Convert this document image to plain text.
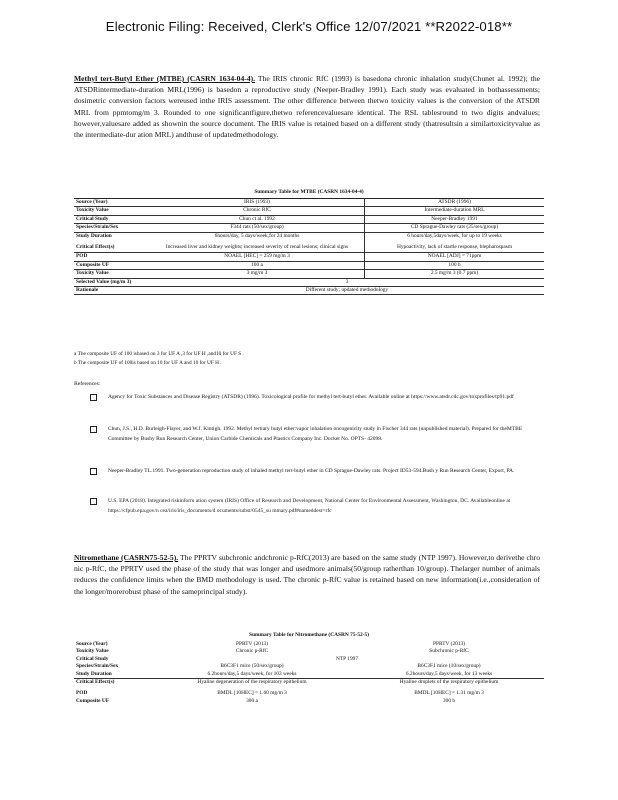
Electronic Filing: Received, Clerk's Office 12/07/2021 **R2022-018**
Methyl tert-Butyl Ether (MTBE) (CASRN 1634-04-4). The IRIS chronic RfC (1993) is basedona chronic inhalation study(Chunet al. 1992); the ATSDRintermediate-duration MRL(1996) is basedon a reproductive study (Neeper-Bradley 1991). Each study was evaluated in bothassessments; dosimetric conversion factors wereused inthe IRIS assessment. The other difference between thetwo toxicity values is the conversion of the ATSDR MRL from ppmtomg/m 3. Rounded to one significantfigure,thetwo referencevaluesare identical. The RSL tablesround to two digits andvalues; however,valuesare added as shownin the source document. The IRIS value is retained based on a different study (thatresultsin a similartoxicityvalue as the intermediate-dur ation MRL) andthuse of updatedmethodology.
Summary Table for MTBE (CASRN 1634-04-4)
Source (Year)	IRIS (1993)	ATSDR (1996)
Toxicity Value	Chronic RfC	Intermediate-duration MRL
Critical Study	Chun ct al. 1992	Neeper-Bradley 1991
Species/Strain/Sex	F344 rats (50/sex/group)	CD Sprague-Dawley rats (25/sex/group)
Study Duration	6hours/day, 5 days/week,for 24 months	6 hours/day,5days/week, for up to 19 weeks
Critical Effect(s)	Increased liver and kidney weights; increased severity of renal lesions; clinical signs	Hypoactivity, lack of startle response, blepharospasm
POD	NOAEL [HEC] = 259 mg/m 3	NOAEL [ADJ] = 71ppm
Composite UF	100 a	100 b
Toxicity Value	3 mg/m 3	2.5 mg/m 3 (0.7 ppm)
Selected Value (mg/m 3)	3	
Rationale	Different study; updated methodology	
a The composite UF of 100 isbased on 3 for UF A ,3 for UF H ,and10 for UF S .
b The composite UF of 100is based on 10 for UF A and 10 for UF H .
References:
Agency for Toxic Substances and Disease Registry (ATSDR) (1996). Toxicological profile for methyl tert-butyl ether. Available online at https://www.atsdr.cdc.gov/toxprofiles/tp91.pdf
Chun, J.S., H.D. Burleigh-Flayer, and W.J. Kintigh. 1992. Methyl tertiary butyl ether:vapor inhalation oncogenicity study in Fischer 344 rats (unpublished material). Prepared for theMTBE Committee by Bushy Run Research Center, Union Carbide Chemicals and Plastics Company Inc. Docket No. OPTS- 42098.
Neeper-Bradley TL.1991. Two-generation reproduction study of inhaled methyl tert-butyl ether in CD Sprague-Dawley rats. Project ID53-594.Bush y Run Research Center, Export, PA.
U.S. EPA (2018). Integrated riskinform ation system (IRIS) Office of Research and Development, National Center for Environmental Assessment, Washington, DC. Availableonline at https://cfpub.epa.gov/n cea/iris/iris_documents/d ocuments/subst/0545_su mmary.pdf#nameddest=rfc
Nitromethane (CASRN75-52-5). The PPRTV subchronic andchronic p-RfC(2013) are based on the same study (NTP 1997). However,to derivethe chro nic p-RfC, the PPRTV used the phase of the study that was longer and usedmore animals(50/group ratherthan 10/group). Thelarger number of animals reduces the confidence limits when the BMD methodology is used. The chronic p-RfC value is retained based on new information(i.e.,consideration of the longer/morerobust phase of the sameprincipal study).
Summary Table for Nitromethane (CASRN 75-52-5)
Source (Year)	PPRTV (2013)	PPRTV (2013)
Toxicity Value	Chronic p-RfC	Subchronic p-RfC
Critical Study	NTP 1997	
Species/Strain/Sex	B6C3F1 mice (50/sex/group)	B6C3F1 mice (10/sex/group)
Study Duration	6.2hours/day,5 days/week, for 103 weeks	6.2hours/day,5 days/week, for 13 weeks
Critical Effect(s)	Hyaline degeneration of the respiratory epithelium	Hyaline droplets of the respiratory epithelium
POD	BMDL [10HEC] = 1.60 mg/m 3	BMDL [10HEC] = 1.31 mg/m 3
Composite UF	300 a	300 b
